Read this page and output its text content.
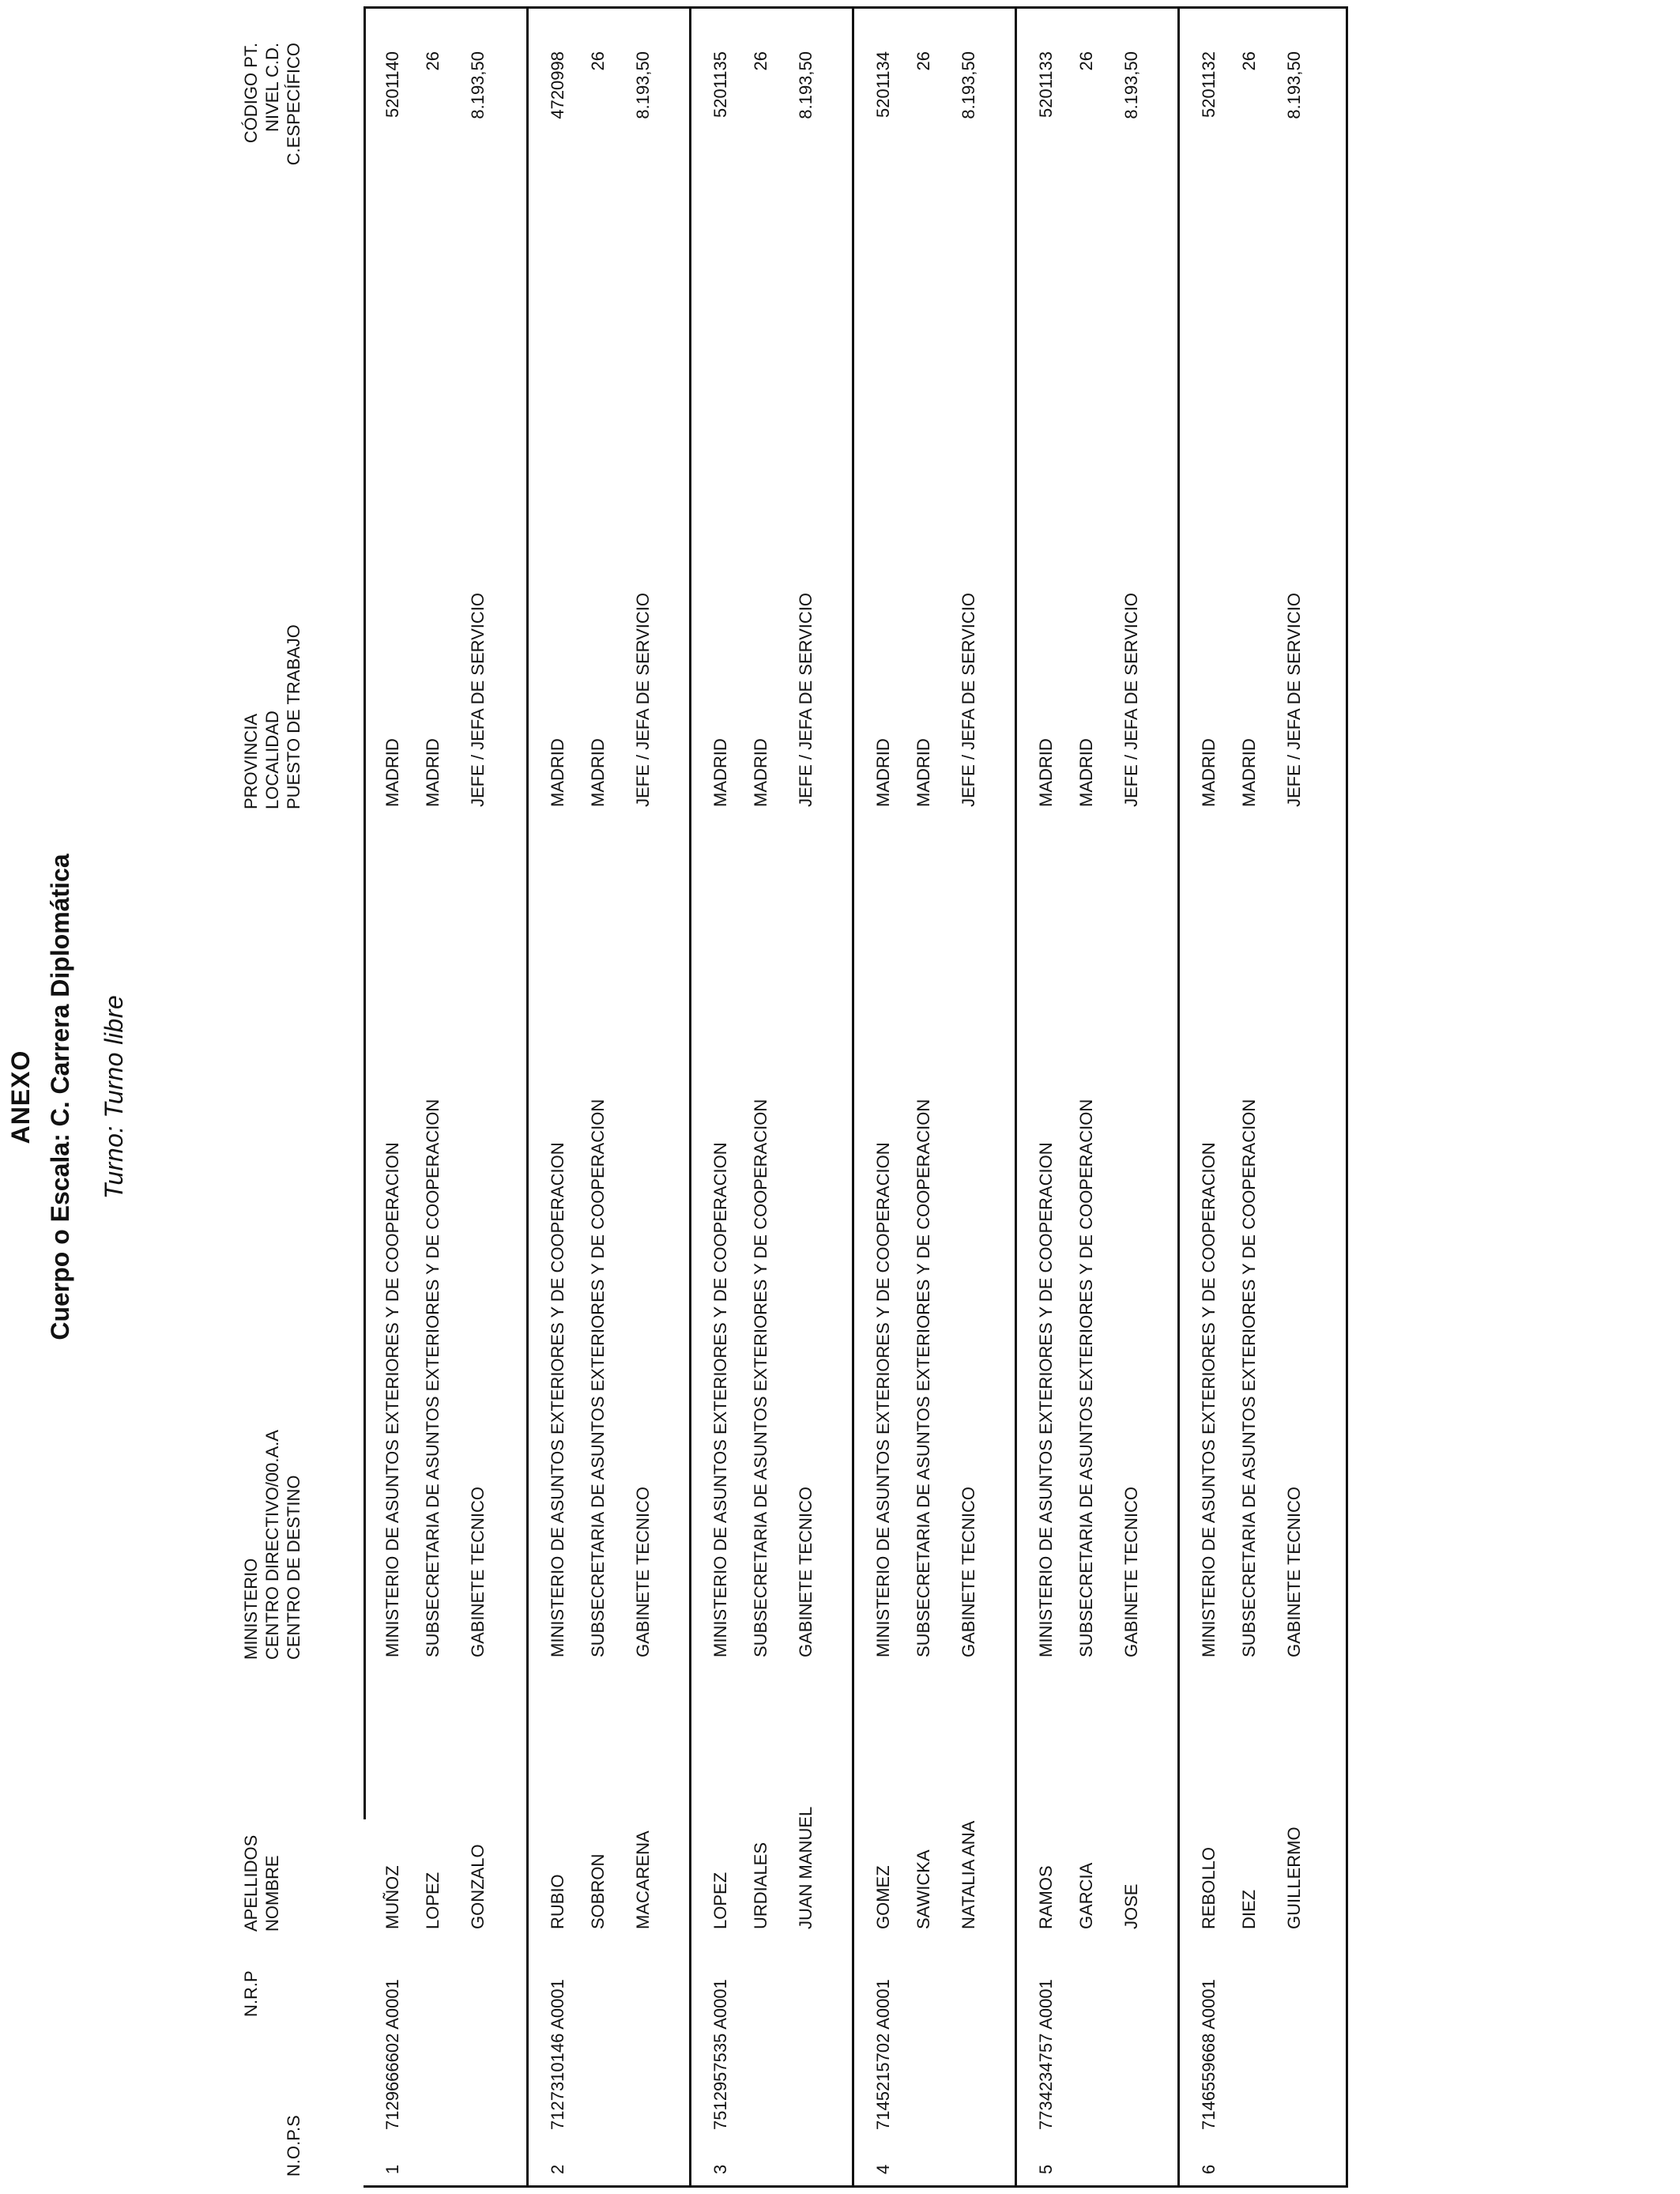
ANEXO Cuerpo o Escala: C. Carrera Diplomática Turno: Turno libre
N.O.P.S
N.R.P
APELLIDOS NOMBRE
MINISTERIO CENTRO DIRECTIVO/00.A.A CENTRO DE DESTINO
PROVINCIA LOCALIDAD PUESTO DE TRABAJO
CÓDIGO PT. NIVEL C.D. C.ESPECÍFICO
1
7129666602 A0001
MUÑOZ LOPEZ GONZALO
MINISTERIO DE ASUNTOS EXTERIORES Y DE COOPERACION SUBSECRETARIA DE ASUNTOS EXTERIORES Y DE COOPERACION GABINETE TECNICO
MADRID MADRID JEFE / JEFA DE SERVICIO
5201140 26 8.193,50
2
7127310146 A0001
RUBIO SOBRON MACARENA
MINISTERIO DE ASUNTOS EXTERIORES Y DE COOPERACION SUBSECRETARIA DE ASUNTOS EXTERIORES Y DE COOPERACION GABINETE TECNICO
MADRID MADRID JEFE / JEFA DE SERVICIO
4720998 26 8.193,50
3
7512957535 A0001
LOPEZ URDIALES JUAN MANUEL
MINISTERIO DE ASUNTOS EXTERIORES Y DE COOPERACION SUBSECRETARIA DE ASUNTOS EXTERIORES Y DE COOPERACION GABINETE TECNICO
MADRID MADRID JEFE / JEFA DE SERVICIO
5201135 26 8.193,50
4
7145215702 A0001
GOMEZ SAWICKA NATALIA ANA
MINISTERIO DE ASUNTOS EXTERIORES Y DE COOPERACION SUBSECRETARIA DE ASUNTOS EXTERIORES Y DE COOPERACION GABINETE TECNICO
MADRID MADRID JEFE / JEFA DE SERVICIO
5201134 26 8.193,50
5
7734234757 A0001
RAMOS GARCIA JOSE
MINISTERIO DE ASUNTOS EXTERIORES Y DE COOPERACION SUBSECRETARIA DE ASUNTOS EXTERIORES Y DE COOPERACION GABINETE TECNICO
MADRID MADRID JEFE / JEFA DE SERVICIO
5201133 26 8.193,50
6
7146559668 A0001
REBOLLO DIEZ GUILLERMO
MINISTERIO DE ASUNTOS EXTERIORES Y DE COOPERACION SUBSECRETARIA DE ASUNTOS EXTERIORES Y DE COOPERACION GABINETE TECNICO
MADRID MADRID JEFE / JEFA DE SERVICIO
5201132 26 8.193,50
